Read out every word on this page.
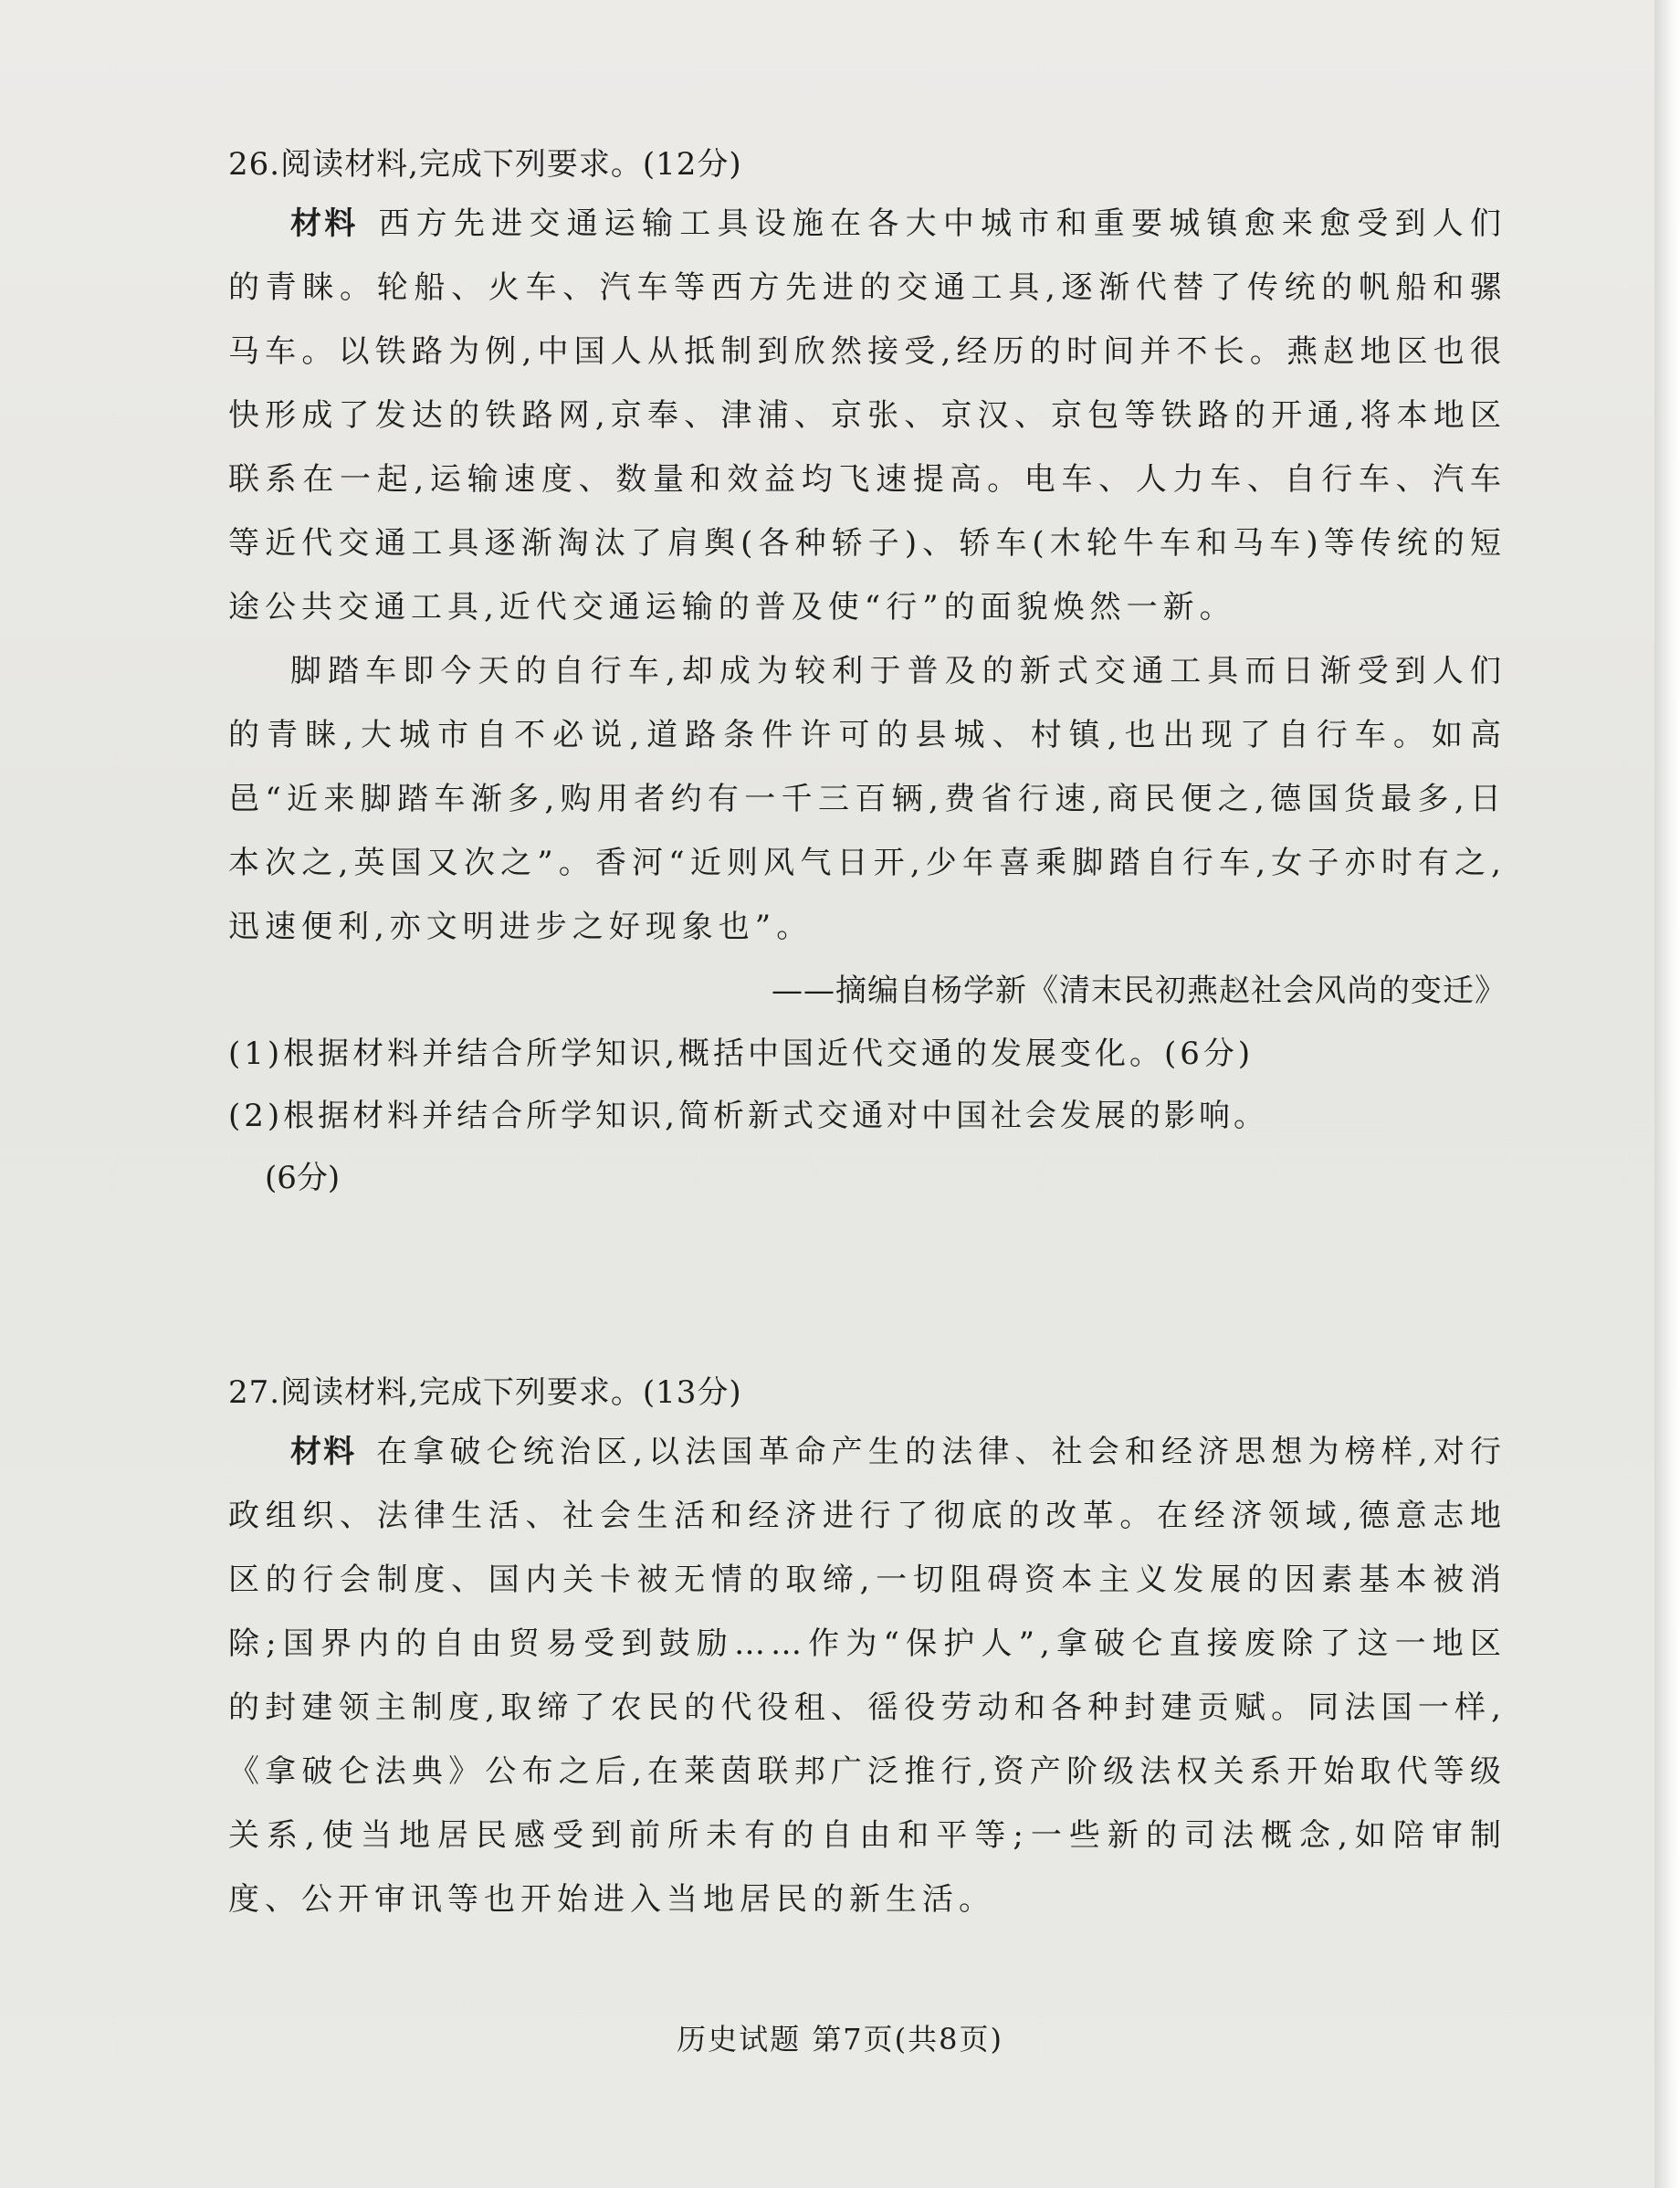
26.阅读材料,完成下列要求。(12分)

材料 西方先进交通运输工具设施在各大中城市和重要城镇愈来愈受到人们的青睐。轮船、火车、汽车等西方先进的交通工具,逐渐代替了传统的帆船和骡马车。以铁路为例,中国人从抵制到欣然接受,经历的时间并不长。燕赵地区也很快形成了发达的铁路网,京奉、津浦、京张、京汉、京包等铁路的开通,将本地区联系在一起,运输速度、数量和效益均飞速提高。电车、人力车、自行车、汽车等近代交通工具逐渐淘汰了肩舆(各种轿子)、轿车(木轮牛车和马车)等传统的短途公共交通工具,近代交通运输的普及使“行”的面貌焕然一新。

脚踏车即今天的自行车,却成为较利于普及的新式交通工具而日渐受到人们的青睐,大城市自不必说,道路条件许可的县城、村镇,也出现了自行车。如高邑“近来脚踏车渐多,购用者约有一千三百辆,费省行速,商民便之,德国货最多,日本次之,英国又次之”。香河“近则风气日开,少年喜乘脚踏自行车,女子亦时有之,迅速便利,亦文明进步之好现象也”。

——摘编自杨学新《清末民初燕赵社会风尚的变迁》

(1)根据材料并结合所学知识,概括中国近代交通的发展变化。(6分)

(2)根据材料并结合所学知识,简析新式交通对中国社会发展的影响。

(6分)

27.阅读材料,完成下列要求。(13分)

材料 在拿破仑统治区,以法国革命产生的法律、社会和经济思想为榜样,对行政组织、法律生活、社会生活和经济进行了彻底的改革。在经济领域,德意志地区的行会制度、国内关卡被无情的取缔,一切阻碍资本主义发展的因素基本被消除;国界内的自由贸易受到鼓励……作为“保护人”,拿破仑直接废除了这一地区的封建领主制度,取缔了农民的代役租、徭役劳动和各种封建贡赋。同法国一样,《拿破仑法典》公布之后,在莱茵联邦广泛推行,资产阶级法权关系开始取代等级关系,使当地居民感受到前所未有的自由和平等;一些新的司法概念,如陪审制度、公开审讯等也开始进入当地居民的新生活。

历史试题 第7页(共8页)
